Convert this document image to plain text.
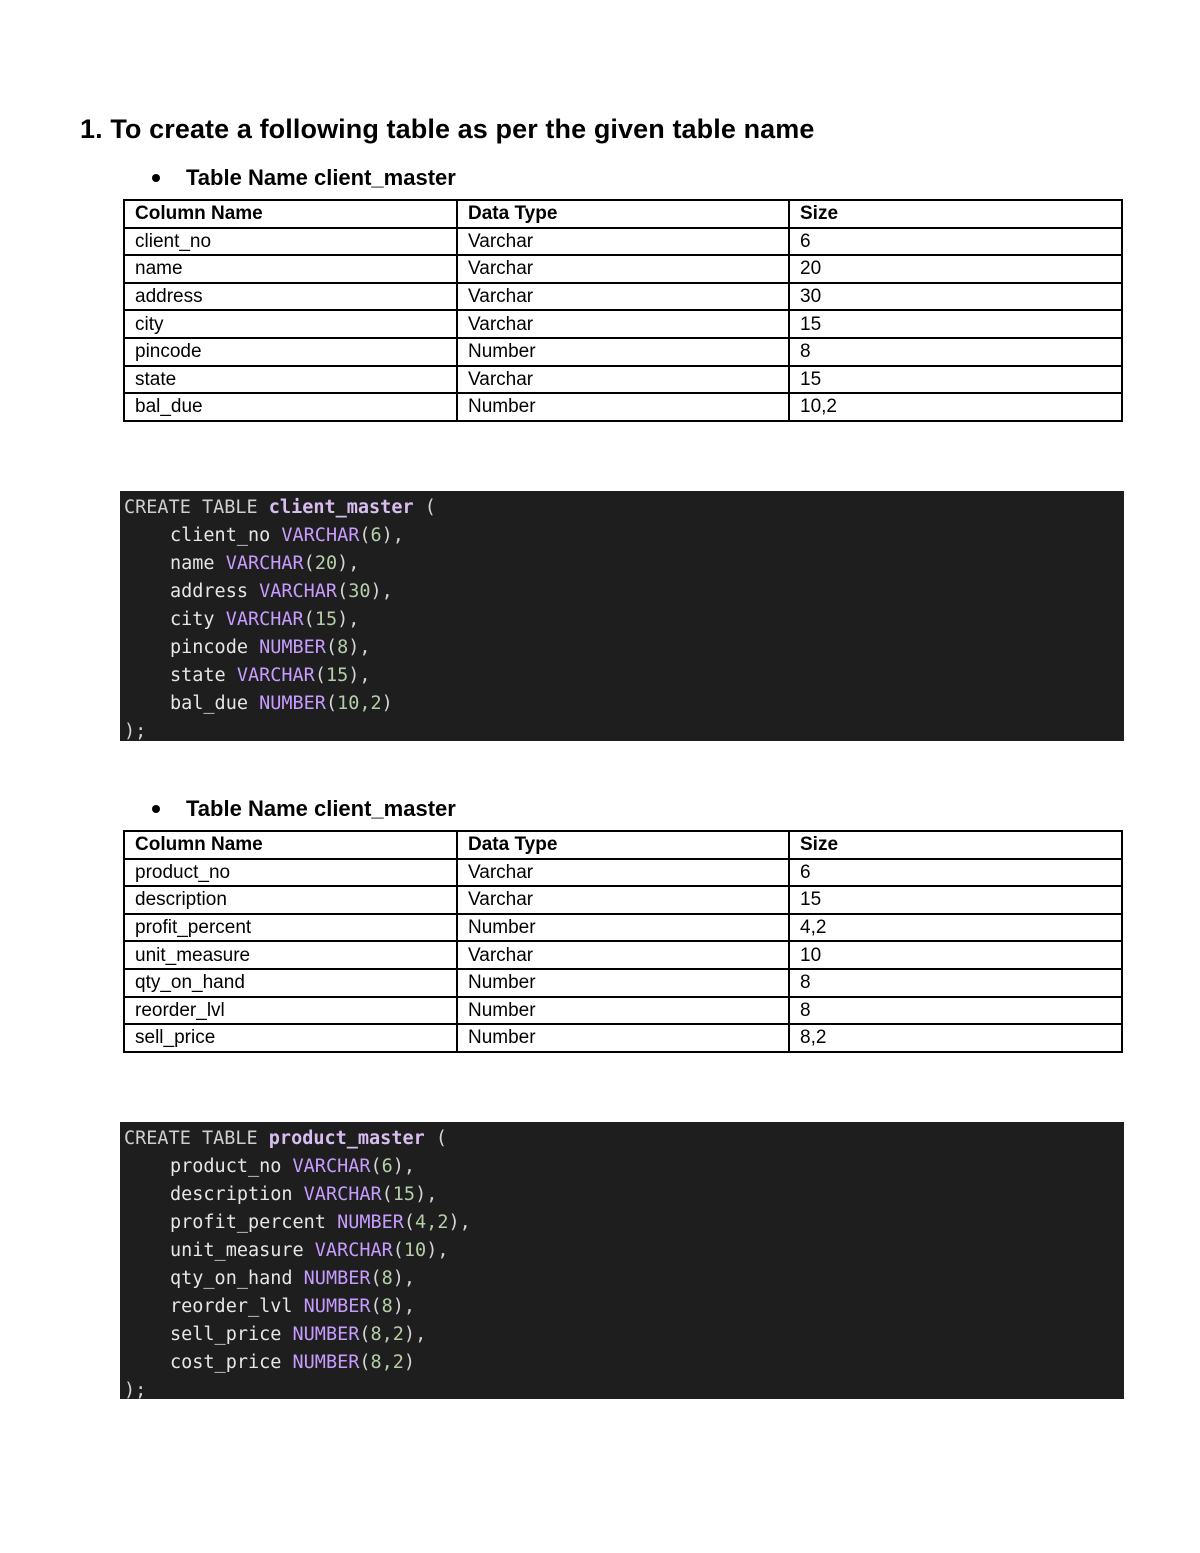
1. To create a following table as per the given table name
Table Name client_master
Column Name	Data Type	Size
client_no	Varchar	6
name	Varchar	20
address	Varchar	30
city	Varchar	15
pincode	Number	8
state	Varchar	15
bal_due	Number	10,2
CREATE TABLE client_master (
client_no VARCHAR(6),
name VARCHAR(20),
address VARCHAR(30),
city VARCHAR(15),
pincode NUMBER(8),
state VARCHAR(15),
bal_due NUMBER(10,2)
);
Table Name client_master
Column Name	Data Type	Size
product_no	Varchar	6
description	Varchar	15
profit_percent	Number	4,2
unit_measure	Varchar	10
qty_on_hand	Number	8
reorder_lvl	Number	8
sell_price	Number	8,2
CREATE TABLE product_master (
product_no VARCHAR(6),
description VARCHAR(15),
profit_percent NUMBER(4,2),
unit_measure VARCHAR(10),
qty_on_hand NUMBER(8),
reorder_lvl NUMBER(8),
sell_price NUMBER(8,2),
cost_price NUMBER(8,2)
);
